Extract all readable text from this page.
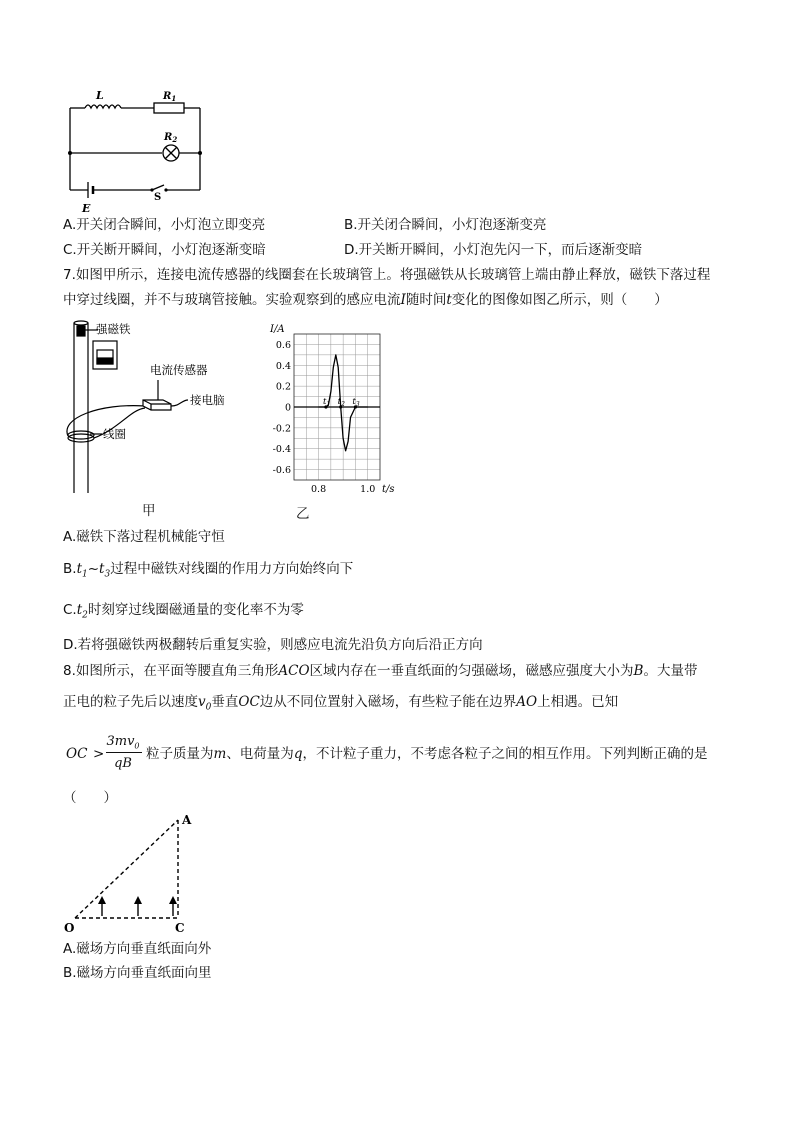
L	$R_1$
$R_2$
E
S
A.开关闭合瞬间，小灯泡立即变亮	B.开关闭合瞬间，小灯泡逐渐变亮
C.开关断开瞬间，小灯泡逐渐变暗	D.开关断开瞬间，小灯泡先闪一下，而后逐渐变暗
7.如图甲所示，连接电流传感器的线圈套在长玻璃管上。将强磁铁从长玻璃管上端由静止释放，磁铁下落过程
中穿过线圈，并不与玻璃管接触。实验观察到的感应电流I随时间t变化的图像如图乙所示，则（　　）
强磁铁
电流传感器
接电脑
线圈
甲
0.6
0.4
0.2
0
-0.2
-0.4
-0.6
0.8	1.0
I/A
t/s
$t_1$ $t_2$ $t_3$
乙
A.磁铁下落过程机械能守恒
$B.t_1\sim t_3$过程中磁铁对线圈的作用力方向始终向下
$C.t_2$时刻穿过线圈磁通量的变化率不为零
D.若将强磁铁两极翻转后重复实验，则感应电流先沿负方向后沿正方向
8.如图所示，在平面等腰直角三角形ACO区域内存在一垂直纸面的匀强磁场，磁感应强度大小为B。大量带
正电的粒子先后以速度$v_0$垂直OC边从不同位置射入磁场，有些粒子能在边界AO上相遇。已知
OC >
$3mv_0$
qB
粒子质量为m、电荷量为q，不计粒子重力，不考虑各粒子之间的相互作用。下列判断正确的是
（　　）
A
O	C
A.磁场方向垂直纸面向外
B.磁场方向垂直纸面向里
